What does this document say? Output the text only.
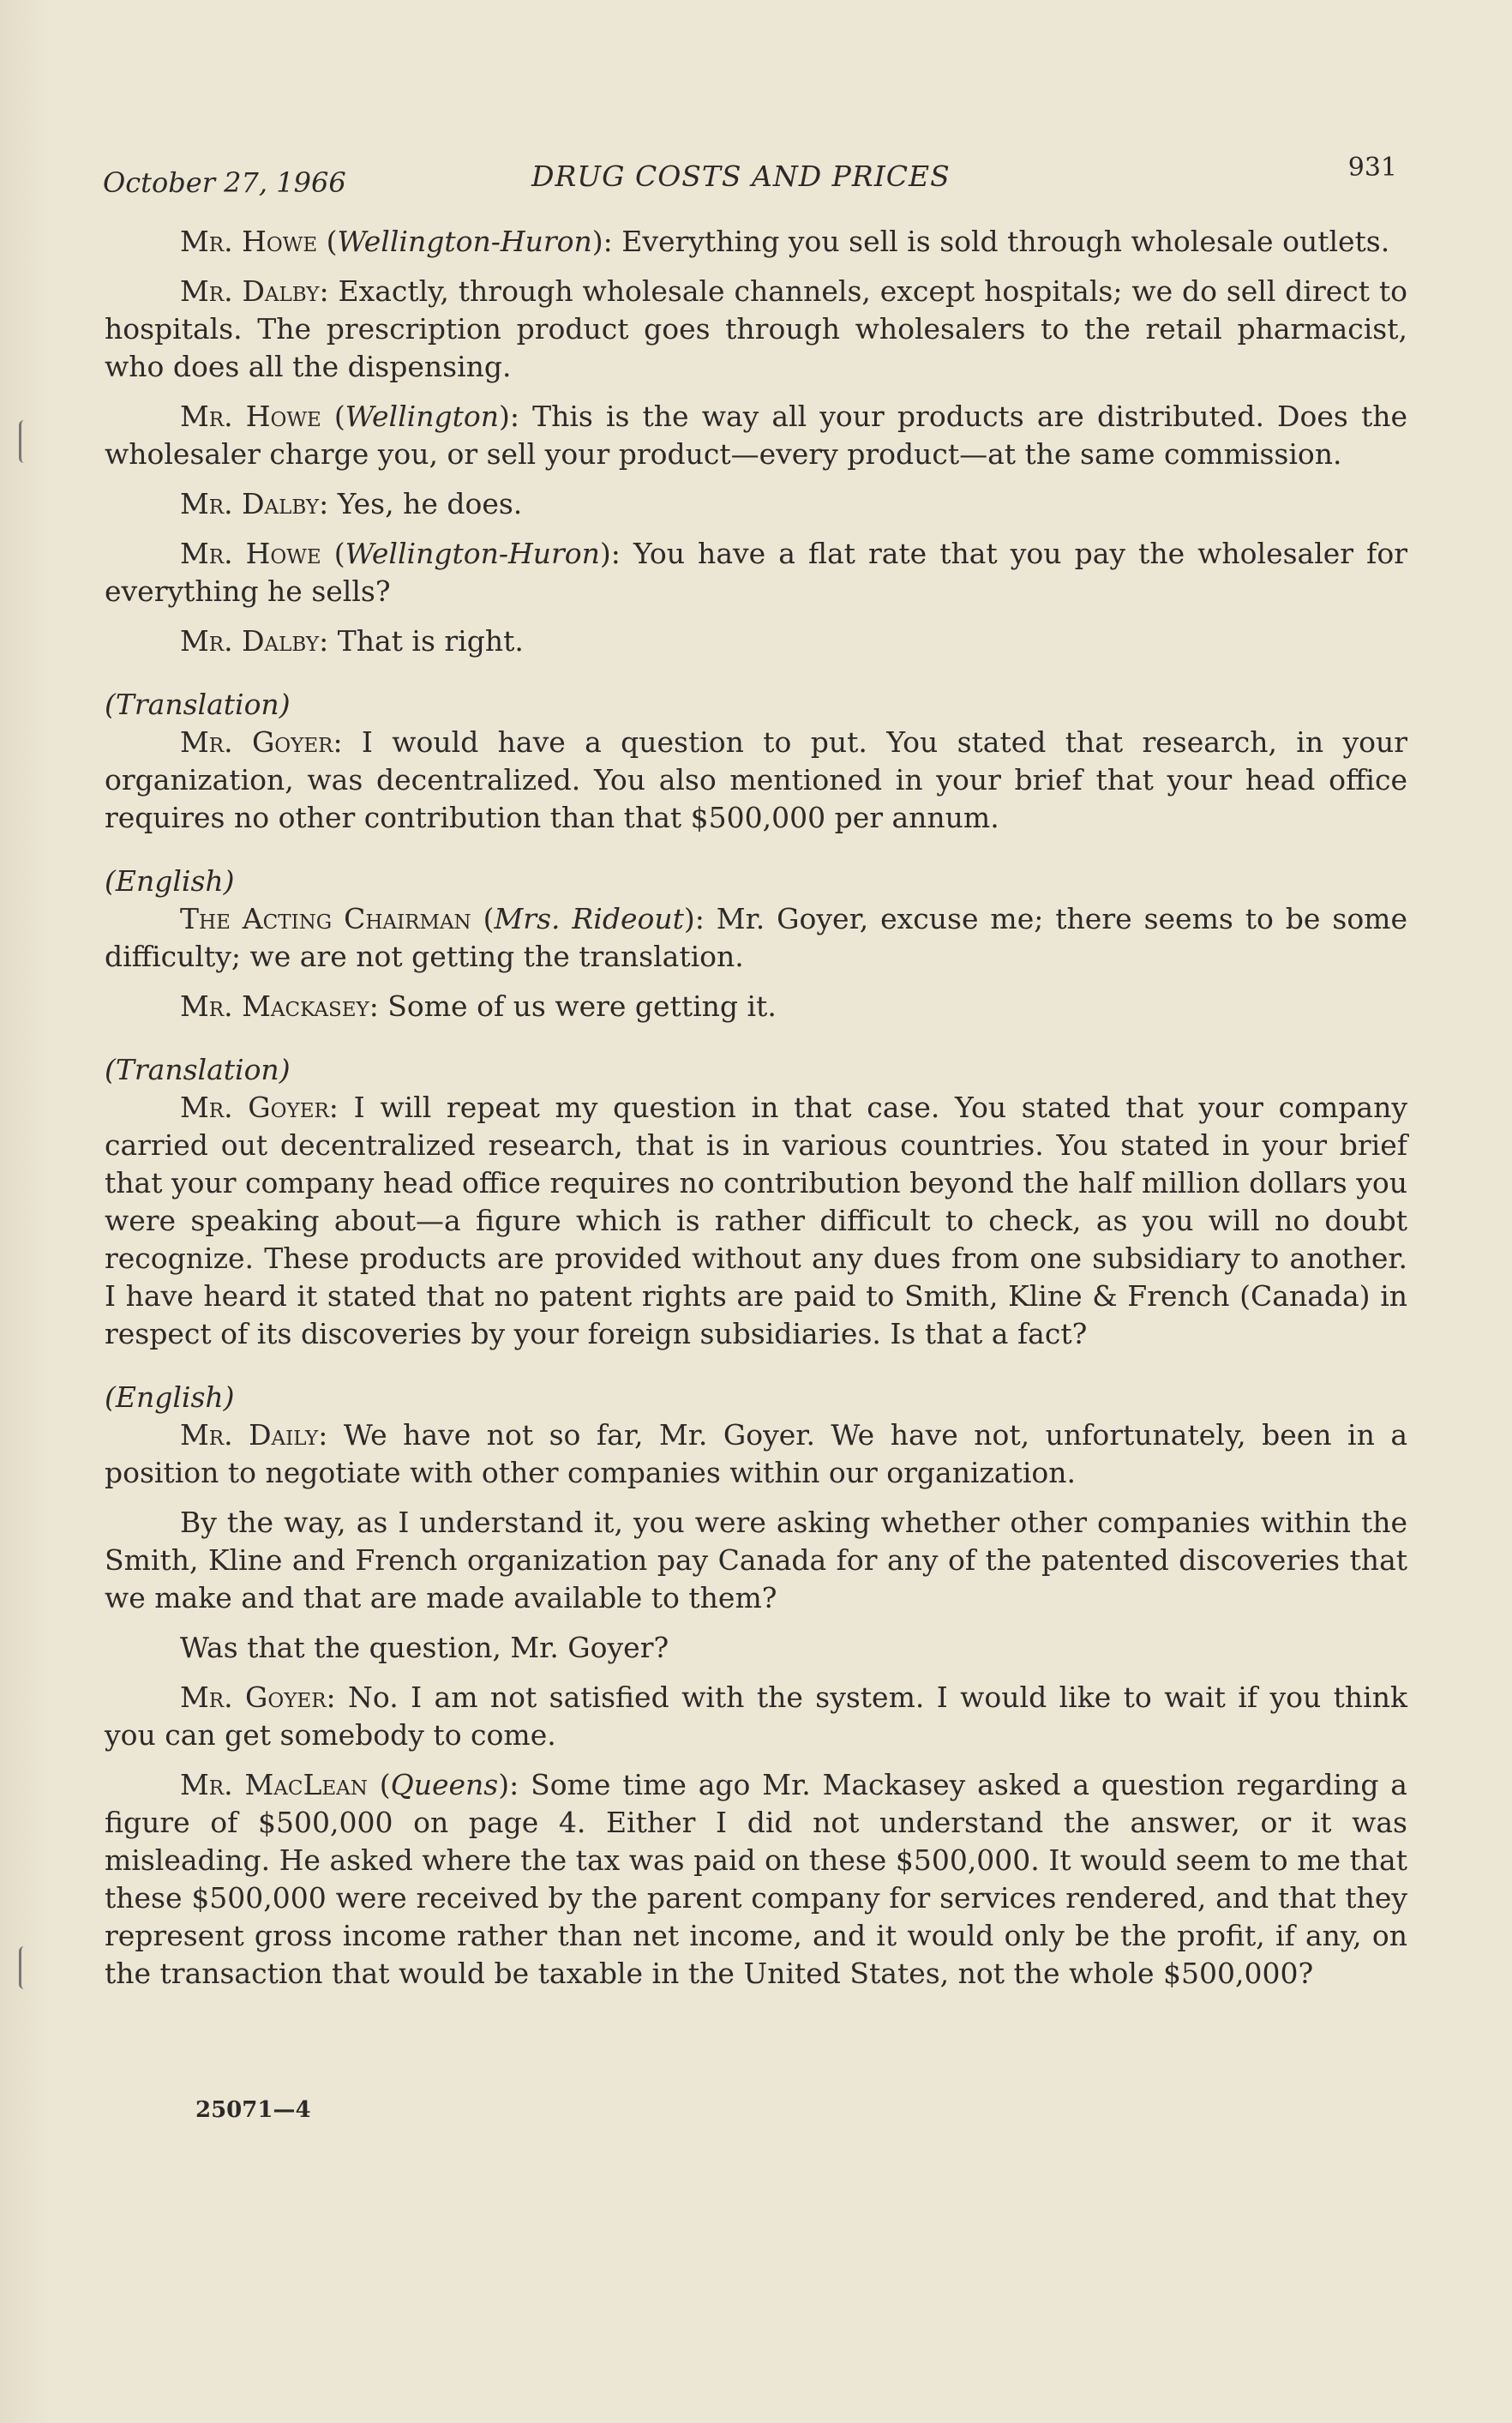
October 27, 1966	DRUG COSTS AND PRICES	931

Mr. Howe (Wellington-Huron): Everything you sell is sold through wholesale outlets.

Mr. Dalby: Exactly, through wholesale channels, except hospitals; we do sell direct to hospitals. The prescription product goes through wholesalers to the retail pharmacist, who does all the dispensing.

Mr. Howe (Wellington): This is the way all your products are distributed. Does the wholesaler charge you, or sell your product—every product—at the same commission.

Mr. Dalby: Yes, he does.

Mr. Howe (Wellington-Huron): You have a flat rate that you pay the wholesaler for everything he sells?

Mr. Dalby: That is right.

(Translation)

Mr. Goyer: I would have a question to put. You stated that research, in your organization, was decentralized. You also mentioned in your brief that your head office requires no other contribution than that $500,000 per annum.

(English)

The Acting Chairman (Mrs. Rideout): Mr. Goyer, excuse me; there seems to be some difficulty; we are not getting the translation.

Mr. Mackasey: Some of us were getting it.

(Translation)

Mr. Goyer: I will repeat my question in that case. You stated that your company carried out decentralized research, that is in various countries. You stated in your brief that your company head office requires no contribution beyond the half million dollars you were speaking about—a figure which is rather difficult to check, as you will no doubt recognize. These products are provided without any dues from one subsidiary to another. I have heard it stated that no patent rights are paid to Smith, Kline & French (Canada) in respect of its discoveries by your foreign subsidiaries. Is that a fact?

(English)

Mr. Daily: We have not so far, Mr. Goyer. We have not, unfortunately, been in a position to negotiate with other companies within our organization.

By the way, as I understand it, you were asking whether other companies within the Smith, Kline and French organization pay Canada for any of the patented discoveries that we make and that are made available to them?

Was that the question, Mr. Goyer?

Mr. Goyer: No. I am not satisfied with the system. I would like to wait if you think you can get somebody to come.

Mr. MacLean (Queens): Some time ago Mr. Mackasey asked a question regarding a figure of $500,000 on page 4. Either I did not understand the answer, or it was misleading. He asked where the tax was paid on these $500,000. It would seem to me that these $500,000 were received by the parent company for services rendered, and that they represent gross income rather than net income, and it would only be the profit, if any, on the transaction that would be taxable in the United States, not the whole $500,000?

25071—4
